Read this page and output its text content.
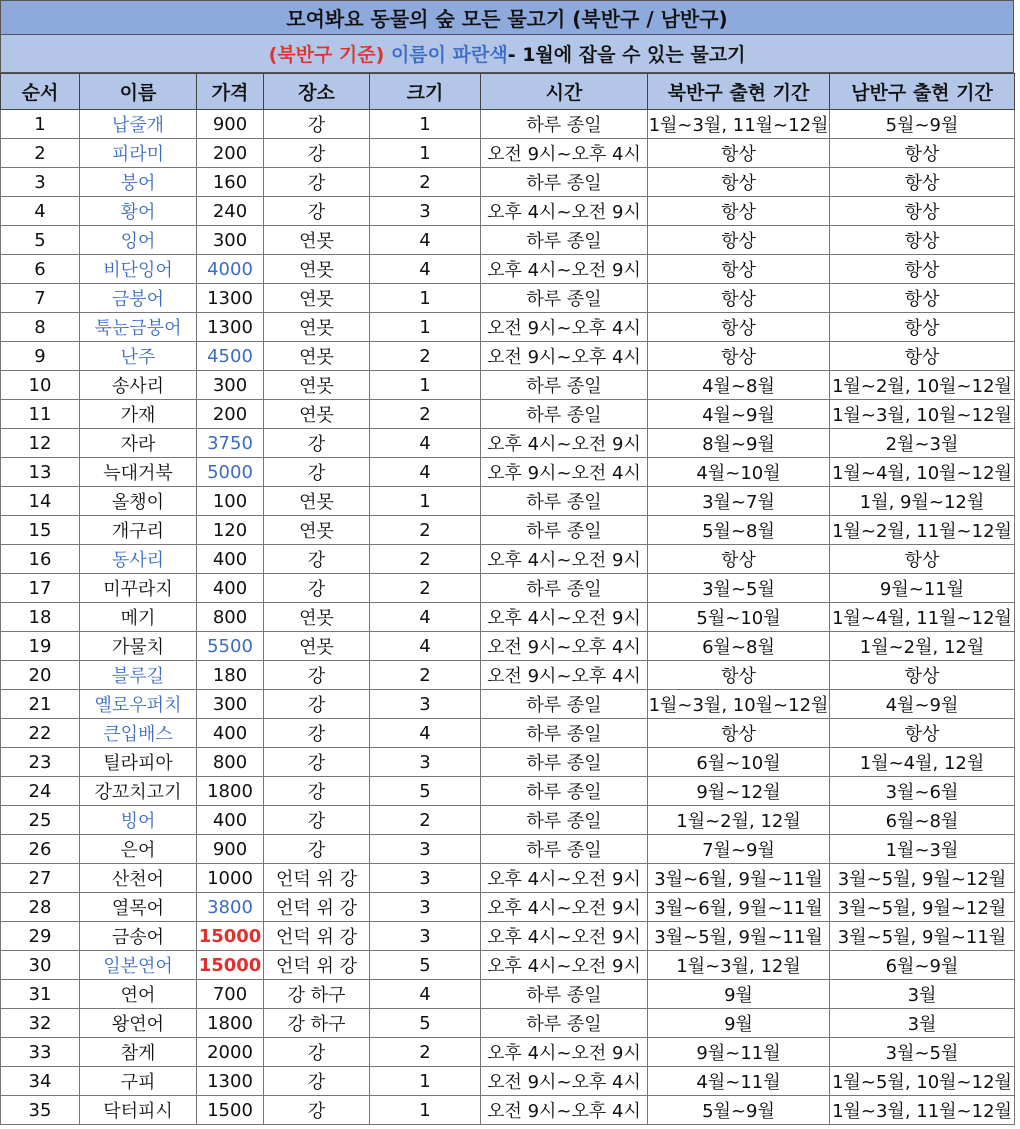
모여봐요 동물의 숲 모든 물고기 (북반구 / 남반구)
(북반구 기준)
이름이 파란색 - 1월에 잡을 수 있는 물고기
순서	이름	가격	장소	크기	시간	북반구 출현 기간	남반구 출현 기간
1	납줄개	900	강	1	하루 종일	1월~3월, 11월~12월	5월~9월
2	피라미	200	강	1	오전 9시~오후 4시	항상	항상
3	붕어	160	강	2	하루 종일	항상	항상
4	황어	240	강	3	오후 4시~오전 9시	항상	항상
5	잉어	300	연못	4	하루 종일	항상	항상
6	비단잉어	4000	연못	4	오후 4시~오전 9시	항상	항상
7	금붕어	1300	연못	1	하루 종일	항상	항상
8	툭눈금붕어	1300	연못	1	오전 9시~오후 4시	항상	항상
9	난주	4500	연못	2	오전 9시~오후 4시	항상	항상
10	송사리	300	연못	1	하루 종일	4월~8월	1월~2월, 10월~12월
11	가재	200	연못	2	하루 종일	4월~9월	1월~3월, 10월~12월
12	자라	3750	강	4	오후 4시~오전 9시	8월~9월	2월~3월
13	늑대거북	5000	강	4	오후 9시~오전 4시	4월~10월	1월~4월, 10월~12월
14	올챙이	100	연못	1	하루 종일	3월~7월	1월, 9월~12월
15	개구리	120	연못	2	하루 종일	5월~8월	1월~2월, 11월~12월
16	동사리	400	강	2	오후 4시~오전 9시	항상	항상
17	미꾸라지	400	강	2	하루 종일	3월~5월	9월~11월
18	메기	800	연못	4	오후 4시~오전 9시	5월~10월	1월~4월, 11월~12월
19	가물치	5500	연못	4	오전 9시~오후 4시	6월~8월	1월~2월, 12월
20	블루길	180	강	2	오전 9시~오후 4시	항상	항상
21	옐로우퍼치	300	강	3	하루 종일	1월~3월, 10월~12월	4월~9월
22	큰입배스	400	강	4	하루 종일	항상	항상
23	틸라피아	800	강	3	하루 종일	6월~10월	1월~4월, 12월
24	강꼬치고기	1800	강	5	하루 종일	9월~12월	3월~6월
25	빙어	400	강	2	하루 종일	1월~2월, 12월	6월~8월
26	은어	900	강	3	하루 종일	7월~9월	1월~3월
27	산천어	1000	언덕 위 강	3	오후 4시~오전 9시	3월~6월, 9월~11월	3월~5월, 9월~12월
28	열목어	3800	언덕 위 강	3	오후 4시~오전 9시	3월~6월, 9월~11월	3월~5월, 9월~12월
29	금송어	15000	언덕 위 강	3	오후 4시~오전 9시	3월~5월, 9월~11월	3월~5월, 9월~11월
30	일본연어	15000	언덕 위 강	5	오후 4시~오전 9시	1월~3월, 12월	6월~9월
31	연어	700	강 하구	4	하루 종일	9월	3월
32	왕연어	1800	강 하구	5	하루 종일	9월	3월
33	참게	2000	강	2	오후 4시~오전 9시	9월~11월	3월~5월
34	구피	1300	강	1	오전 9시~오후 4시	4월~11월	1월~5월, 10월~12월
35	닥터피시	1500	강	1	오전 9시~오후 4시	5월~9월	1월~3월, 11월~12월
